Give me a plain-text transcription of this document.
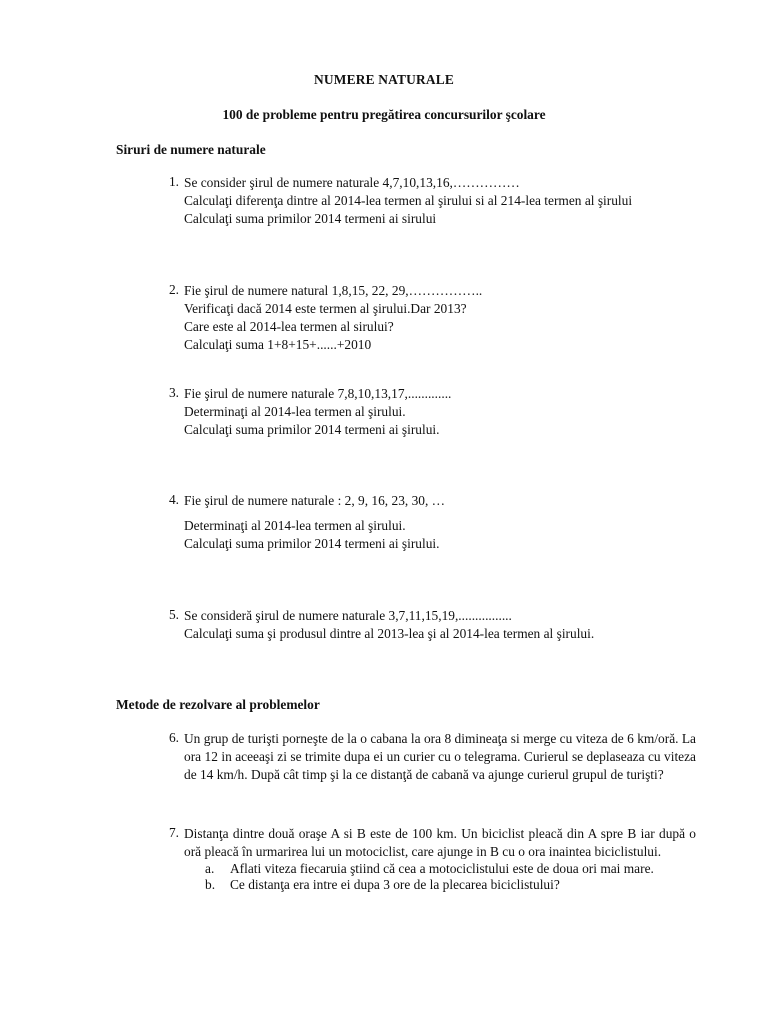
NUMERE NATURALE
100 de probleme pentru pregătirea concursurilor şcolare
Siruri de numere naturale
1. Se consider şirul de numere naturale 4,7,10,13,16,……………
Calculaţi diferenţa dintre al 2014-lea termen al şirului si al 214-lea termen al şirului
Calculaţi suma primilor 2014 termeni ai sirului
2. Fie şirul de numere natural 1,8,15, 22, 29,……………..
Verificaţi dacă 2014 este termen al şirului.Dar 2013?
Care este al 2014-lea termen al sirului?
Calculaţi suma 1+8+15+......+2010
3. Fie şirul de numere naturale 7,8,10,13,17,.............
Determinaţi al 2014-lea termen al şirului.
Calculaţi suma primilor 2014 termeni ai şirului.
4. Fie şirul de numere naturale : 2, 9, 16, 23, 30, …
Determinaţi al 2014-lea termen al şirului.
Calculaţi suma primilor 2014 termeni ai şirului.
5. Se consideră şirul de numere naturale 3,7,11,15,19,................
Calculaţi suma şi produsul dintre al 2013-lea şi al 2014-lea termen al şirului.
Metode de rezolvare al problemelor
6. Un grup de turişti porneşte de la o cabana la ora 8 dimineaţa si merge cu viteza de 6 km/oră. La ora 12 in aceeaşi zi se trimite dupa ei un curier cu o telegrama. Curierul se deplaseaza cu viteza de 14 km/h. După cât timp şi la ce distanţă de cabană va ajunge curierul grupul de turişti?
7. Distanţa dintre două oraşe A si B este de 100 km. Un biciclist pleacă din A spre B iar după o oră pleacă în urmarirea lui un motociclist, care ajunge in B cu o ora inaintea biciclistului.
a.	Aflati viteza fiecaruia ştiind că cea a motociclistului este de doua ori mai mare.
b.	Ce distanţa era intre ei dupa 3 ore de la plecarea biciclistului?
